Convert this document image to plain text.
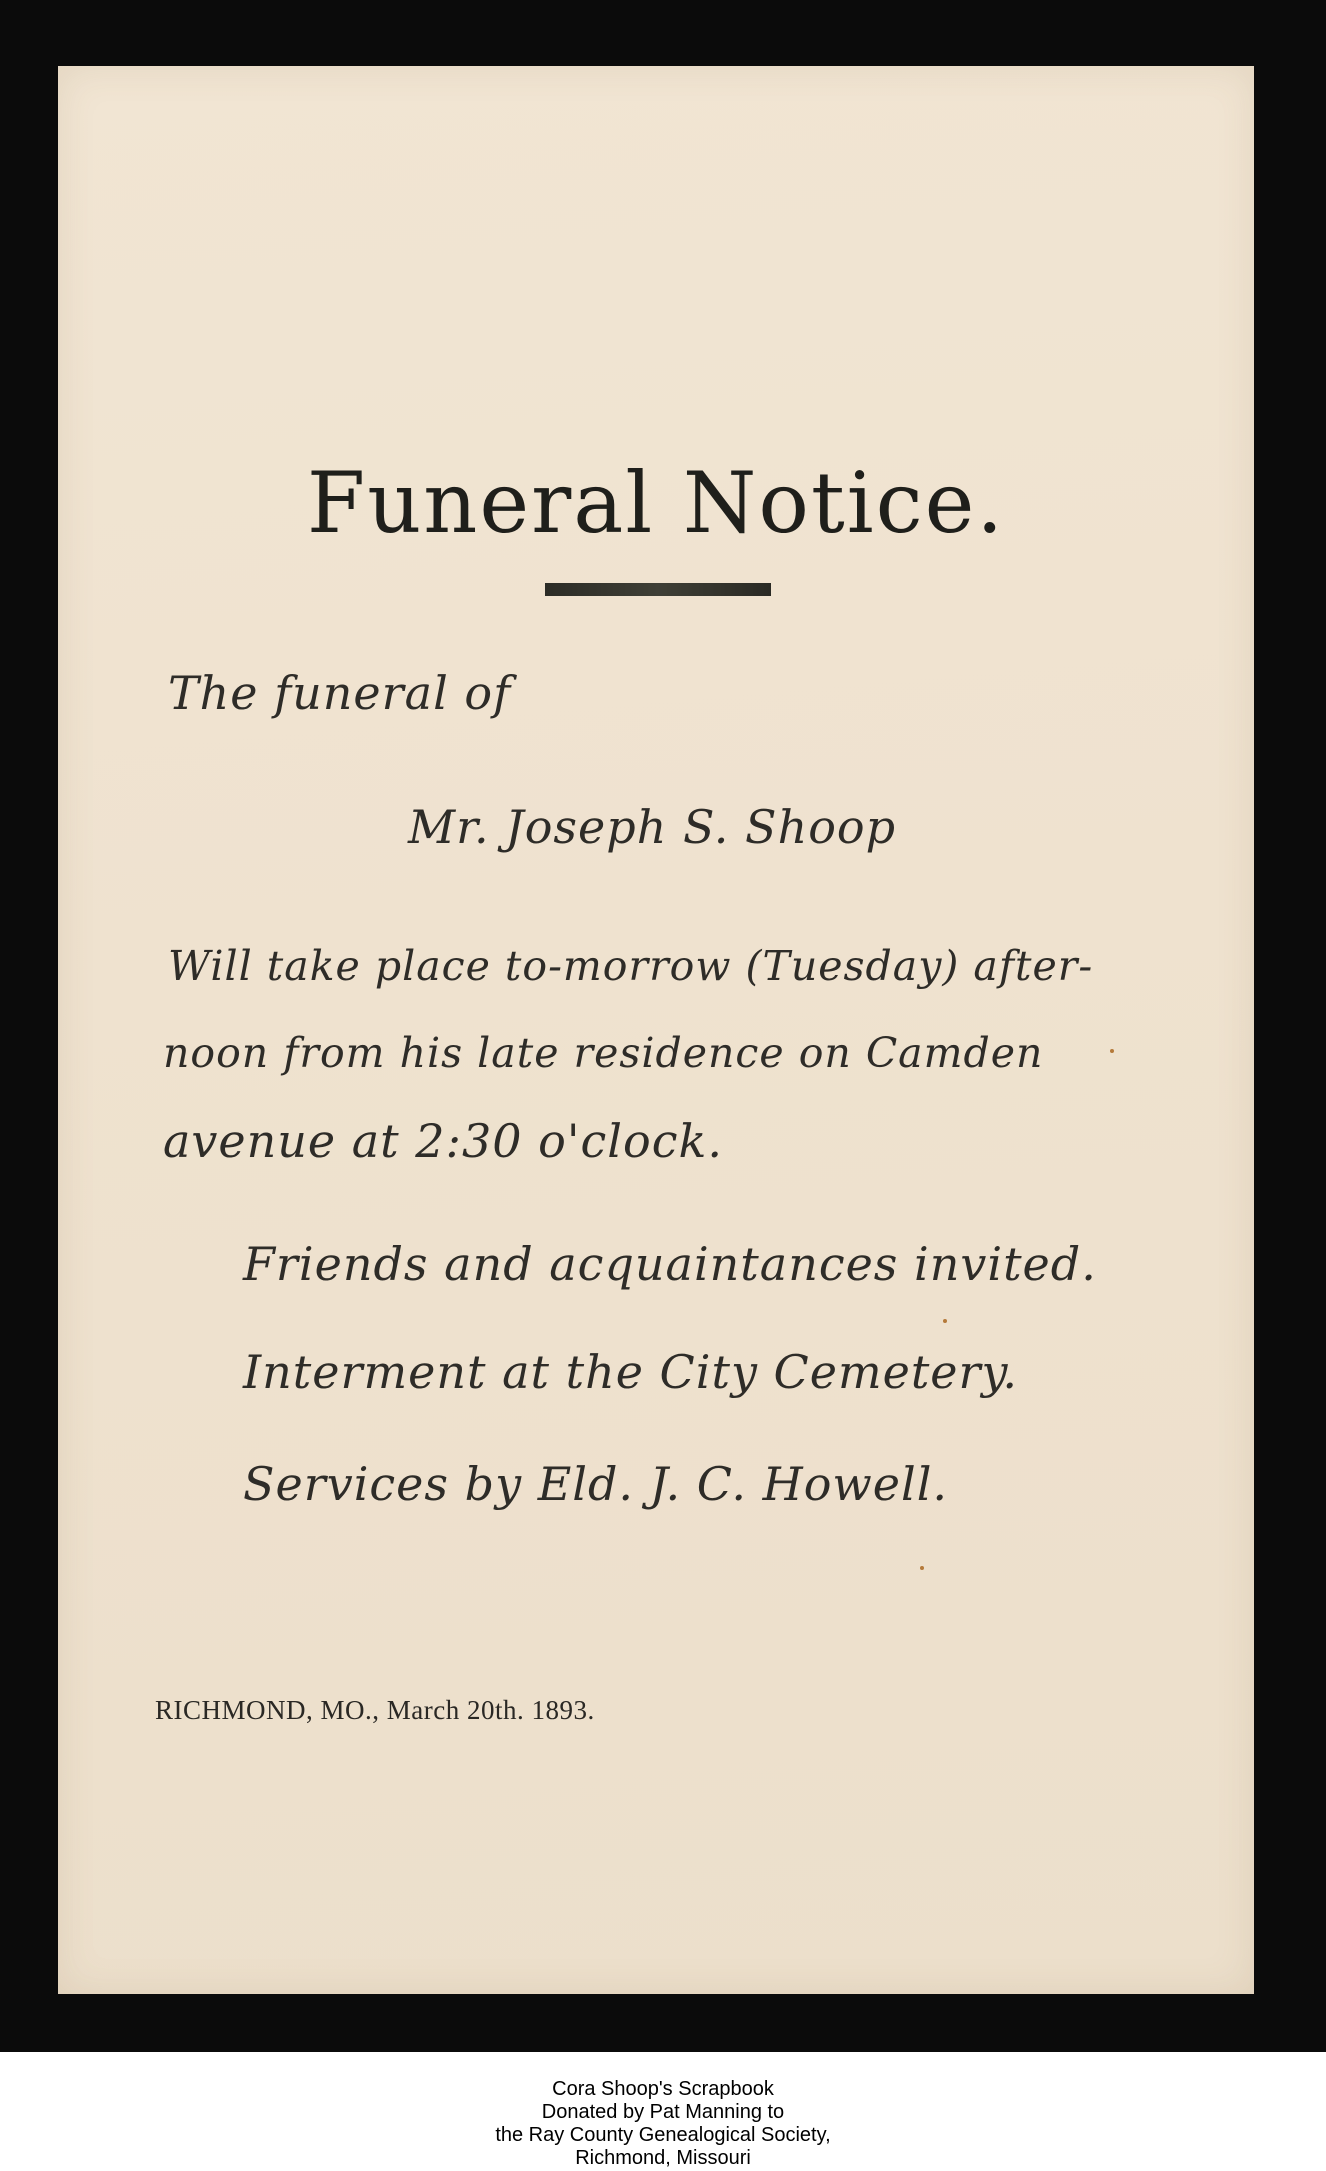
Funeral Notice.
The funeral of
Mr. Joseph S. Shoop
Will take place to-morrow (Tuesday) after-
noon from his late residence on Camden
avenue at 2:30 o'clock.
Friends and acquaintances invited.
Interment at the City Cemetery.
Services by Eld. J. C. Howell.
RICHMOND, MO., March 20th. 1893.
Cora Shoop's Scrapbook
Donated by Pat Manning to
the Ray County Genealogical Society,
Richmond, Missouri
